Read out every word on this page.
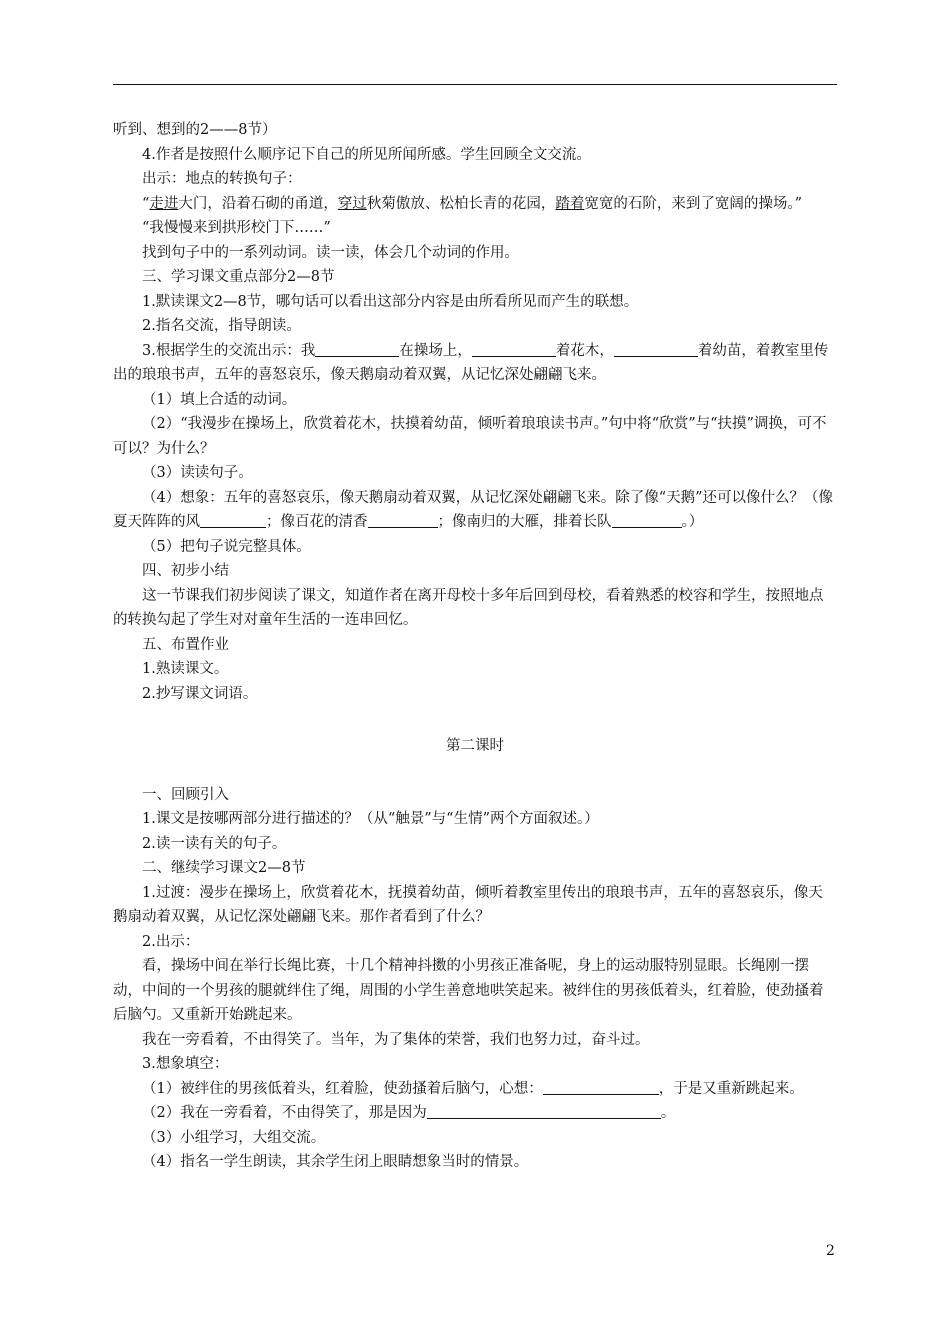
听到、想到的2——8节）

4.作者是按照什么顺序记下自己的所见所闻所感。学生回顾全文交流。

出示：地点的转换句子：

“走进大门，沿着石砌的甬道，穿过秋菊傲放、松柏长青的花园，踏着宽宽的石阶，来到了宽阔的操场。”

“我慢慢来到拱形校门下……”

找到句子中的一系列动词。读一读，体会几个动词的作用。

三、学习课文重点部分2—8节

1.默读课文2—8节，哪句话可以看出这部分内容是由所看所见而产生的联想。

2.指名交流，指导朗读。

3.根据学生的交流出示：我	在操场上，	着花木，	着幼苗，着教室里传出的琅琅书声，五年的喜怒哀乐，像天鹅扇动着双翼，从记忆深处翩翩飞来。

（1）填上合适的动词。

（2）“我漫步在操场上，欣赏着花木，扶摸着幼苗，倾听着琅琅读书声。”句中将“欣赏”与“扶摸”调换，可不可以？为什么？

（3）读读句子。

（4）想象：五年的喜怒哀乐，像天鹅扇动着双翼，从记忆深处翩翩飞来。除了像“天鹅”还可以像什么？（像夏天阵阵的风	；像百花的清香	；像南归的大雁，排着长队	。）

（5）把句子说完整具体。

四、初步小结

这一节课我们初步阅读了课文，知道作者在离开母校十多年后回到母校，看着熟悉的校容和学生，按照地点的转换勾起了学生对对童年生活的一连串回忆。

五、布置作业

1.熟读课文。

2.抄写课文词语。

第二课时

一、回顾引入

1.课文是按哪两部分进行描述的？（从“触景”与“生情”两个方面叙述。）

2.读一读有关的句子。

二、继续学习课文2—8节

1.过渡：漫步在操场上，欣赏着花木，抚摸着幼苗，倾听着教室里传出的琅琅书声，五年的喜怒哀乐，像天鹅扇动着双翼，从记忆深处翩翩飞来。那作者看到了什么？

2.出示：

看，操场中间在举行长绳比赛，十几个精神抖擞的小男孩正准备呢，身上的运动服特别显眼。长绳刚一摆动，中间的一个男孩的腿就绊住了绳，周围的小学生善意地哄笑起来。被绊住的男孩低着头，红着脸，使劲搔着后脑勺。又重新开始跳起来。

我在一旁看着，不由得笑了。当年，为了集体的荣誉，我们也努力过，奋斗过。

3.想象填空：

（1）被绊住的男孩低着头，红着脸，使劲搔着后脑勺，心想：	，于是又重新跳起来。

（2）我在一旁看着，不由得笑了，那是因为	。

（3）小组学习，大组交流。

（4）指名一学生朗读，其余学生闭上眼睛想象当时的情景。

2
